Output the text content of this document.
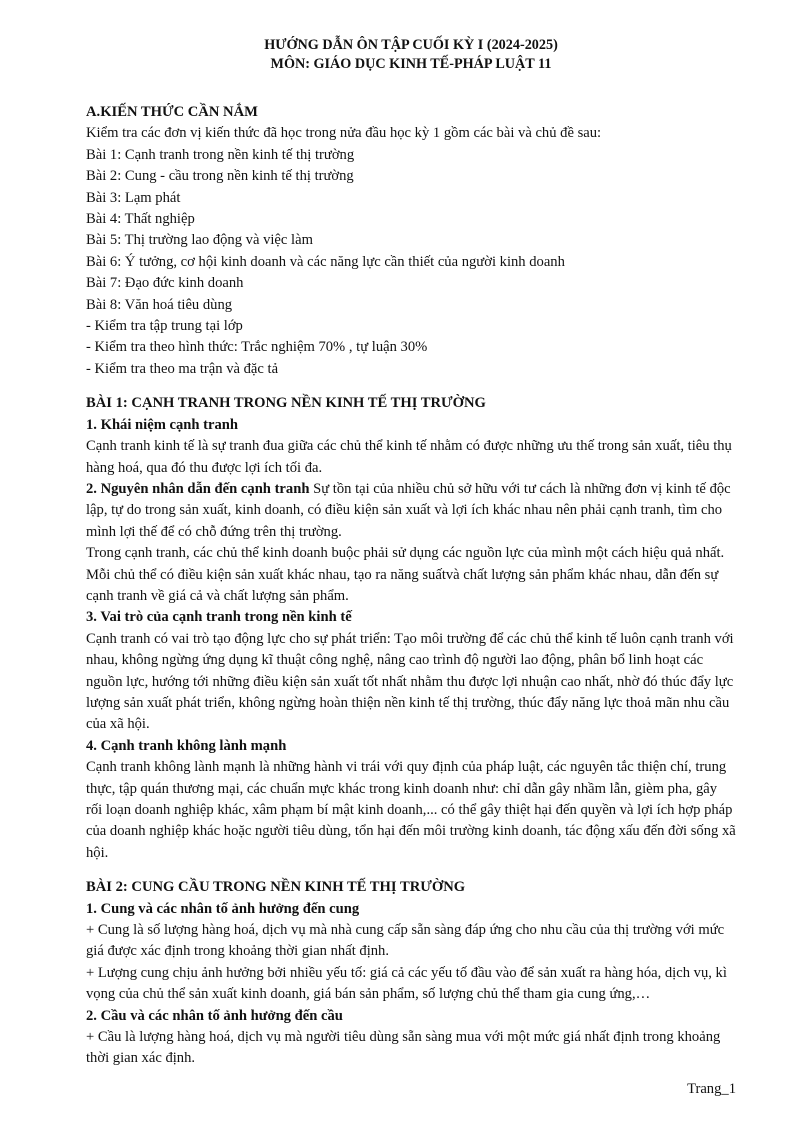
HƯỚNG DẪN ÔN TẬP CUỐI KỲ I (2024-2025)
MÔN: GIÁO DỤC KINH TẾ-PHÁP LUẬT 11
A.KIẾN THỨC CẦN NẮM
Kiểm tra các đơn vị kiến thức đã học trong nửa đầu học kỳ 1 gồm các bài và chủ đề sau:
Bài 1: Cạnh tranh trong nền kinh tế thị trường
Bài 2: Cung - cầu trong nền kinh tế thị trường
Bài 3: Lạm phát
Bài 4: Thất nghiệp
Bài 5: Thị trường lao động và việc làm
Bài 6: Ý tưởng, cơ hội kinh doanh và các năng lực cần thiết của người kinh doanh
Bài 7: Đạo đức kinh doanh
Bài 8: Văn hoá tiêu dùng
- Kiểm tra tập trung tại lớp
- Kiểm tra theo hình thức: Trắc nghiệm 70% , tự luận 30%
- Kiểm tra theo ma trận và đặc tả
BÀI 1: CẠNH TRANH TRONG NỀN KINH TẾ THỊ TRƯỜNG
1. Khái niệm cạnh tranh
Cạnh tranh kinh tế là sự tranh đua giữa các chủ thể kinh tế nhằm có được những ưu thế trong sản xuất, tiêu thụ hàng hoá, qua đó thu được lợi ích tối đa.
2. Nguyên nhân dẫn đến cạnh tranh Sự tồn tại của nhiều chủ sở hữu với tư cách là những đơn vị kinh tế độc lập, tự do trong sản xuất, kinh doanh, có điều kiện sản xuất và lợi ích khác nhau nên phải cạnh tranh, tìm cho mình lợi thế để có chỗ đứng trên thị trường.
Trong cạnh tranh, các chủ thể kinh doanh buộc phải sử dụng các nguồn lực của mình một cách hiệu quả nhất. Mỗi chủ thể có điều kiện sản xuất khác nhau, tạo ra năng suấtvà chất lượng sản phẩm khác nhau, dẫn đến sự cạnh tranh về giá cả và chất lượng sản phẩm.
3. Vai trò của cạnh tranh trong nền kinh tế
Cạnh tranh có vai trò tạo động lực cho sự phát triển: Tạo môi trường để các chủ thể kinh tế luôn cạnh tranh với nhau, không ngừng ứng dụng kĩ thuật công nghệ, nâng cao trình độ người lao động, phân bổ linh hoạt các nguồn lực, hướng tới những điều kiện sản xuất tốt nhất nhằm thu được lợi nhuận cao nhất, nhờ đó thúc đẩy lực lượng sản xuất phát triển, không ngừng hoàn thiện nền kinh tế thị trường, thúc đẩy năng lực thoả mãn nhu cầu của xã hội.
4. Cạnh tranh không lành mạnh
Cạnh tranh không lành mạnh là những hành vi trái với quy định của pháp luật, các nguyên tắc thiện chí, trung thực, tập quán thương mại, các chuẩn mực khác trong kinh doanh như: chỉ dẫn gây nhầm lẫn, gièm pha, gây rối loạn doanh nghiệp khác, xâm phạm bí mật kinh doanh,... có thể gây thiệt hại đến quyền và lợi ích hợp pháp của doanh nghiệp khác hoặc người tiêu dùng, tổn hại đến môi trường kinh doanh, tác động xấu đến đời sống xã hội.
BÀI 2: CUNG CẦU TRONG NỀN KINH TẾ THỊ TRƯỜNG
1. Cung và các nhân tố ảnh hưởng đến cung
+ Cung là số lượng hàng hoá, dịch vụ mà nhà cung cấp sẵn sàng đáp ứng cho nhu cầu của thị trường với mức giá được xác định trong khoảng thời gian nhất định.
+ Lượng cung chịu ảnh hưởng bởi nhiều yếu tố: giá cả các yếu tố đầu vào để sản xuất ra hàng hóa, dịch vụ, kì vọng của chủ thể sản xuất kinh doanh, giá bán sản phẩm, số lượng chủ thể tham gia cung ứng,…
2. Cầu và các nhân tố ảnh hưởng đến cầu
+ Cầu là lượng hàng hoá, dịch vụ mà người tiêu dùng sẵn sàng mua với một mức giá nhất định trong khoảng thời gian xác định.
Trang_1
